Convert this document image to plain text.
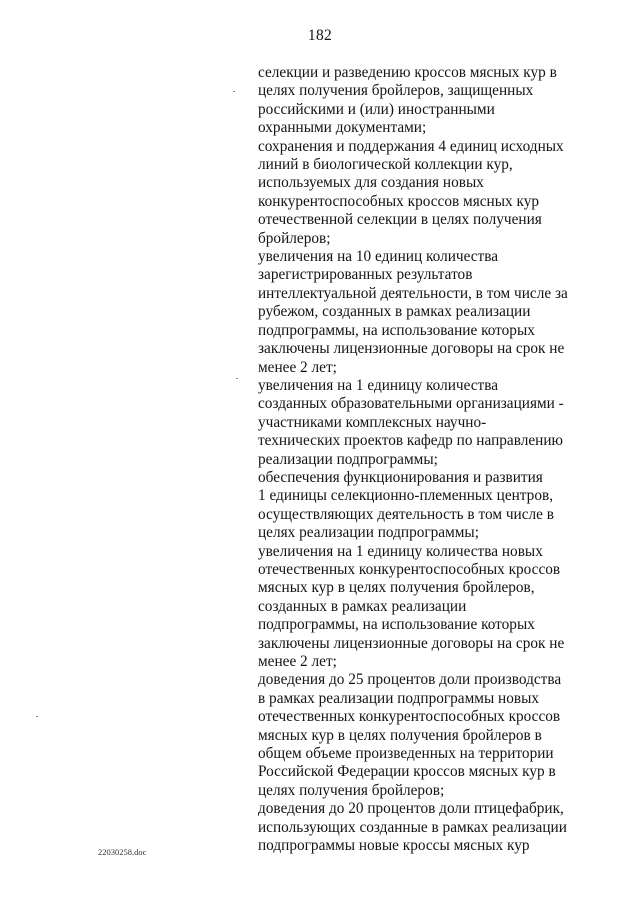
182
селекции и разведению кроссов мясных кур в
целях получения бройлеров, защищенных
российскими и (или) иностранными
охранными документами;
сохранения и поддержания 4 единиц исходных
линий в биологической коллекции кур,
используемых для создания новых
конкурентоспособных кроссов мясных кур
отечественной селекции в целях получения
бройлеров;
увеличения на 10 единиц количества
зарегистрированных результатов
интеллектуальной деятельности, в том числе за
рубежом, созданных в рамках реализации
подпрограммы, на использование которых
заключены лицензионные договоры на срок не
менее 2 лет;
увеличения на 1 единицу количества
созданных образовательными организациями -
участниками комплексных научно-
технических проектов кафедр по направлению
реализации подпрограммы;
обеспечения функционирования и развития
1 единицы селекционно-племенных центров,
осуществляющих деятельность в том числе в
целях реализации подпрограммы;
увеличения на 1 единицу количества новых
отечественных конкурентоспособных кроссов
мясных кур в целях получения бройлеров,
созданных в рамках реализации
подпрограммы, на использование которых
заключены лицензионные договоры на срок не
менее 2 лет;
доведения до 25 процентов доли производства
в рамках реализации подпрограммы новых
отечественных конкурентоспособных кроссов
мясных кур в целях получения бройлеров в
общем объеме произведенных на территории
Российской Федерации кроссов мясных кур в
целях получения бройлеров;
доведения до 20 процентов доли птицефабрик,
использующих созданные в рамках реализации
подпрограммы новые кроссы мясных кур
22030258.doc
